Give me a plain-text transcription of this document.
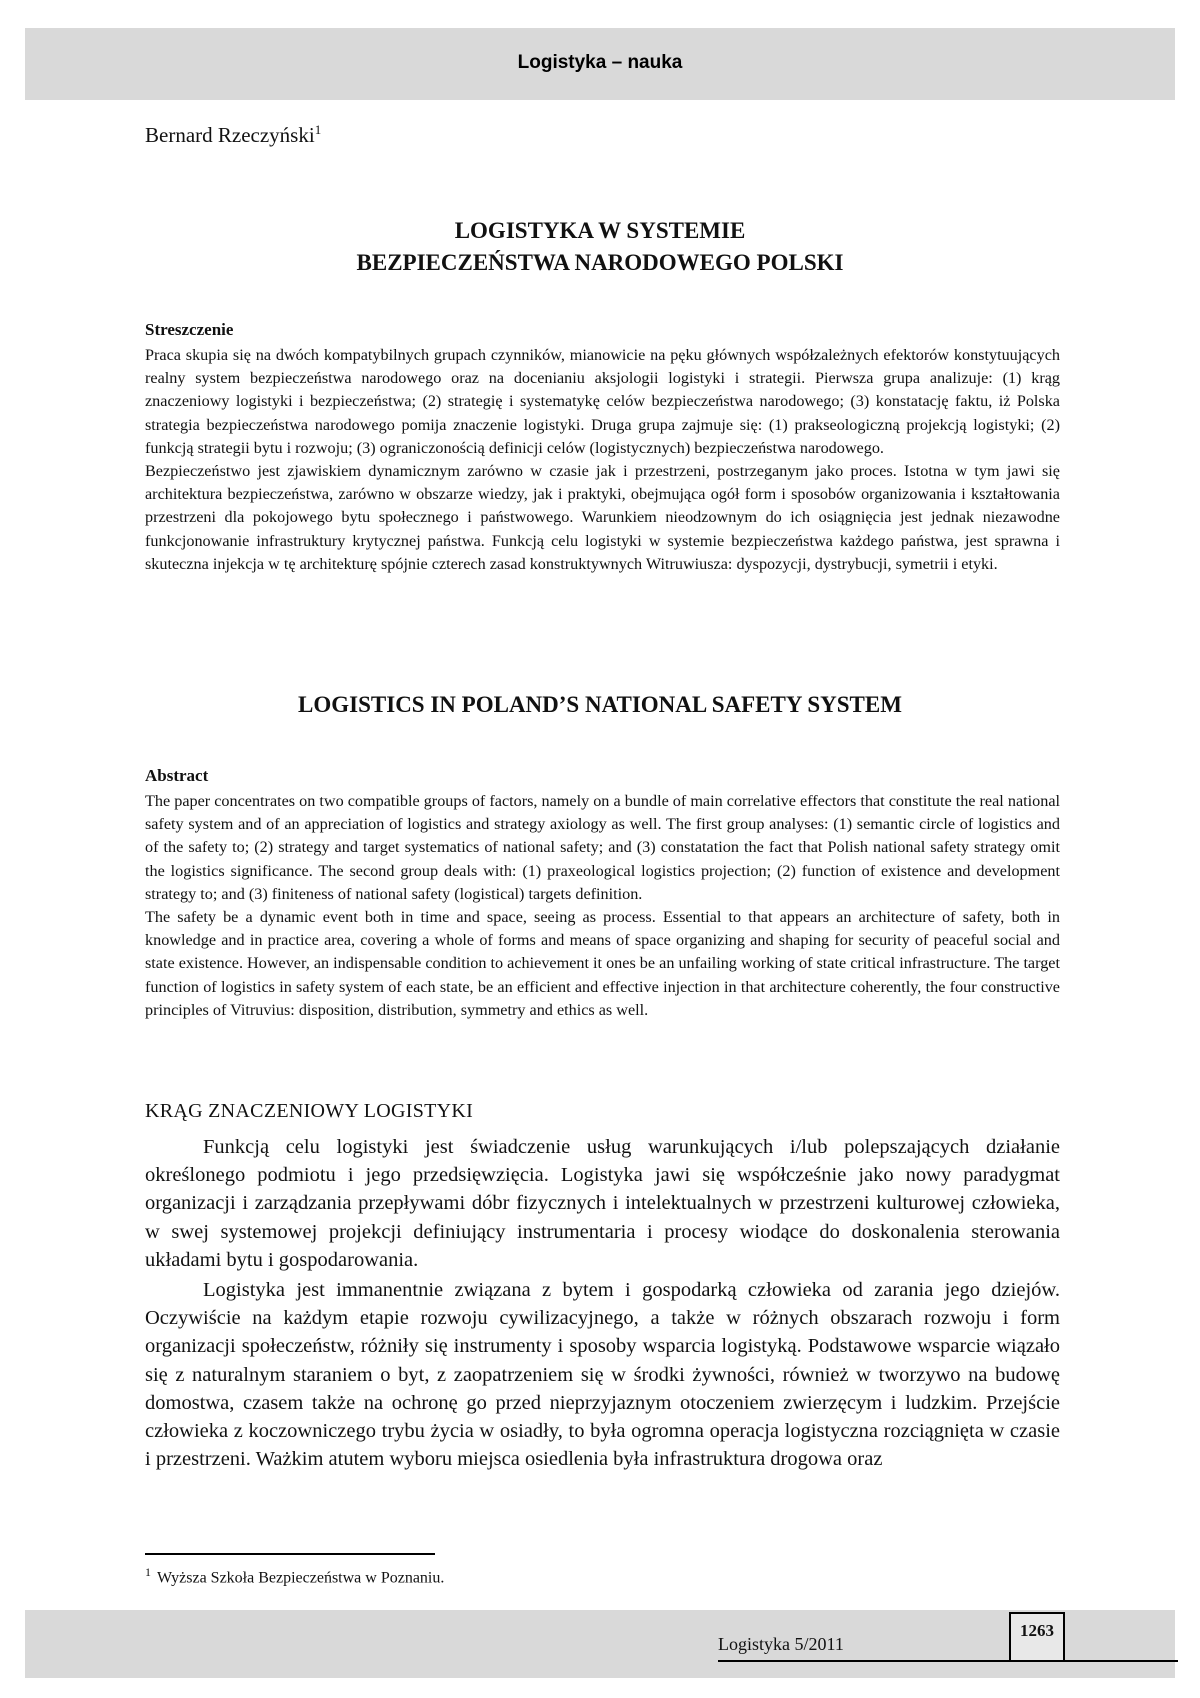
Logistyka – nauka
Bernard Rzeczyński$^1$
LOGISTYKA W SYSTEMIE
BEZPIECZEŃSTWA NARODOWEGO POLSKI
Streszczenie

Praca skupia się na dwóch kompatybilnych grupach czynników, mianowicie na pęku głównych współzależnych efektorów konstytuujących realny system bezpieczeństwa narodowego oraz na docenianiu aksjologii logistyki i strategii. Pierwsza grupa analizuje: (1) krąg znaczeniowy logistyki i bezpieczeństwa; (2) strategię i systematykę celów bezpieczeństwa narodowego; (3) konstatację faktu, iż Polska strategia bezpieczeństwa narodowego pomija znaczenie logistyki. Druga grupa zajmuje się: (1) prakseologiczną projekcją logistyki; (2) funkcją strategii bytu i rozwoju; (3) ograniczonością definicji celów (logistycznych) bezpieczeństwa narodowego.

Bezpieczeństwo jest zjawiskiem dynamicznym zarówno w czasie jak i przestrzeni, postrzeganym jako proces. Istotna w tym jawi się architektura bezpieczeństwa, zarówno w obszarze wiedzy, jak i praktyki, obejmująca ogół form i sposobów organizowania i kształtowania przestrzeni dla pokojowego bytu społecznego i państwowego. Warunkiem nieodzownym do ich osiągnięcia jest jednak niezawodne funkcjonowanie infrastruktury krytycznej państwa. Funkcją celu logistyki w systemie bezpieczeństwa każdego państwa, jest sprawna i skuteczna injekcja w tę architekturę spójnie czterech zasad konstruktywnych Witruwiusza: dyspozycji, dystrybucji, symetrii i etyki.

LOGISTICS IN POLAND’S NATIONAL SAFETY SYSTEM
Abstract

The paper concentrates on two compatible groups of factors, namely on a bundle of main correlative effectors that constitute the real national safety system and of an appreciation of logistics and strategy axiology as well. The first group analyses: (1) semantic circle of logistics and of the safety to; (2) strategy and target systematics of national safety; and (3) constatation the fact that Polish national safety strategy omit the logistics significance. The second group deals with: (1) praxeological logistics projection; (2) function of existence and development strategy to; and (3) finiteness of national safety (logistical) targets definition.

The safety be a dynamic event both in time and space, seeing as process. Essential to that appears an architecture of safety, both in knowledge and in practice area, covering a whole of forms and means of space organizing and shaping for security of peaceful social and state existence. However, an indispensable condition to achievement it ones be an unfailing working of state critical infrastructure. The target function of logistics in safety system of each state, be an efficient and effective injection in that architecture coherently, the four constructive principles of Vitruvius: disposition, distribution, symmetry and ethics as well.

KRĄG ZNACZENIOWY LOGISTYKI

Funkcją celu logistyki jest świadczenie usług warunkujących i/lub polepszających działanie określonego podmiotu i jego przedsięwzięcia. Logistyka jawi się współcześnie jako nowy paradygmat organizacji i zarządzania przepływami dóbr fizycznych i intelektualnych w przestrzeni kulturowej człowieka, w swej systemowej projekcji definiujący instrumentaria i procesy wiodące do doskonalenia sterowania układami bytu i gospodarowania.

Logistyka jest immanentnie związana z bytem i gospodarką człowieka od zarania jego dziejów. Oczywiście na każdym etapie rozwoju cywilizacyjnego, a także w różnych obszarach rozwoju i form organizacji społeczeństw, różniły się instrumenty i sposoby wsparcia logistyką. Podstawowe wsparcie wiązało się z naturalnym staraniem o byt, z zaopatrzeniem się w środki żywności, również w tworzywo na budowę domostwa, czasem także na ochronę go przed nieprzyjaznym otoczeniem zwierzęcym i ludzkim. Przejście człowieka z koczowniczego trybu życia w osiadły, to była ogromna operacja logistyczna rozciągnięta w czasie i przestrzeni. Ważkim atutem wyboru miejsca osiedlenia była infrastruktura drogowa oraz

$^1$ Wyższa Szkoła Bezpieczeństwa w Poznaniu.
Logistyka 5/2011
1263
